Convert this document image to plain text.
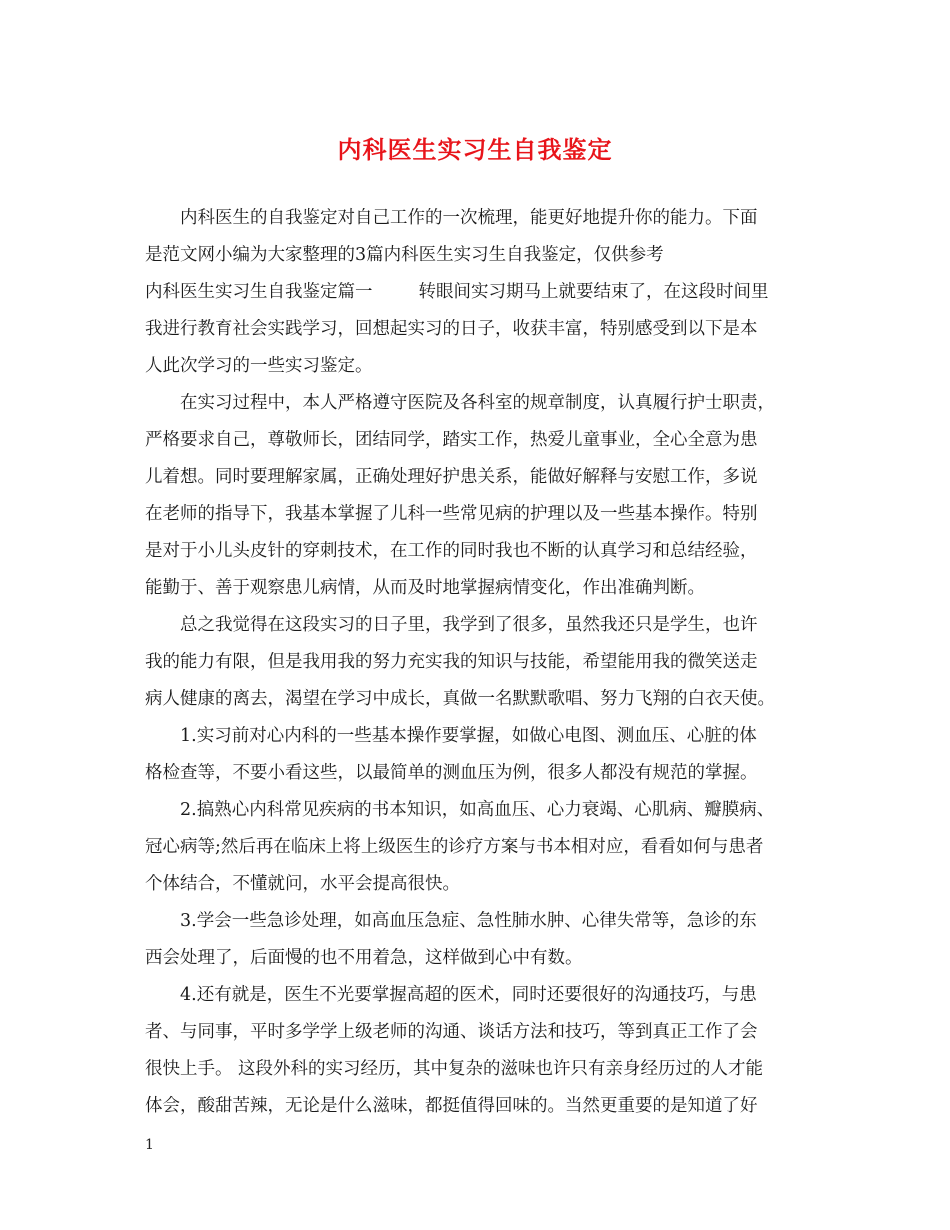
内科医生实习生自我鉴定
内科医生的自我鉴定对自己工作的一次梳理，能更好地提升你的能力。下面
是范文网小编为大家整理的3篇内科医生实习生自我鉴定，仅供参考
内科医生实习生自我鉴定篇一	转眼间实习期马上就要结束了，在这段时间里
我进行教育社会实践学习，回想起实习的日子，收获丰富，特别感受到以下是本
人此次学习的一些实习鉴定。
在实习过程中，本人严格遵守医院及各科室的规章制度，认真履行护士职责，
严格要求自己，尊敬师长，团结同学，踏实工作，热爱儿童事业，全心全意为患
儿着想。同时要理解家属，正确处理好护患关系，能做好解释与安慰工作，多说
在老师的指导下，我基本掌握了儿科一些常见病的护理以及一些基本操作。特别
是对于小儿头皮针的穿刺技术，在工作的同时我也不断的认真学习和总结经验，
能勤于、善于观察患儿病情，从而及时地掌握病情变化，作出准确判断。
总之我觉得在这段实习的日子里，我学到了很多，虽然我还只是学生，也许
我的能力有限，但是我用我的努力充实我的知识与技能，希望能用我的微笑送走
病人健康的离去，渴望在学习中成长，真做一名默默歌唱、努力飞翔的白衣天使。
1.实习前对心内科的一些基本操作要掌握，如做心电图、测血压、心脏的体
格检查等，不要小看这些，以最简单的测血压为例，很多人都没有规范的掌握。
2.搞熟心内科常见疾病的书本知识，如高血压、心力衰竭、心肌病、瓣膜病、
冠心病等;然后再在临床上将上级医生的诊疗方案与书本相对应，看看如何与患者
个体结合，不懂就问，水平会提高很快。
3.学会一些急诊处理，如高血压急症、急性肺水肿、心律失常等，急诊的东
西会处理了，后面慢的也不用着急，这样做到心中有数。
4.还有就是，医生不光要掌握高超的医术，同时还要很好的沟通技巧，与患
者、与同事，平时多学学上级老师的沟通、谈话方法和技巧，等到真正工作了会
很快上手。 这段外科的实习经历，其中复杂的滋味也许只有亲身经历过的人才能
体会，酸甜苦辣，无论是什么滋味，都挺值得回味的。当然更重要的是知道了好
1
